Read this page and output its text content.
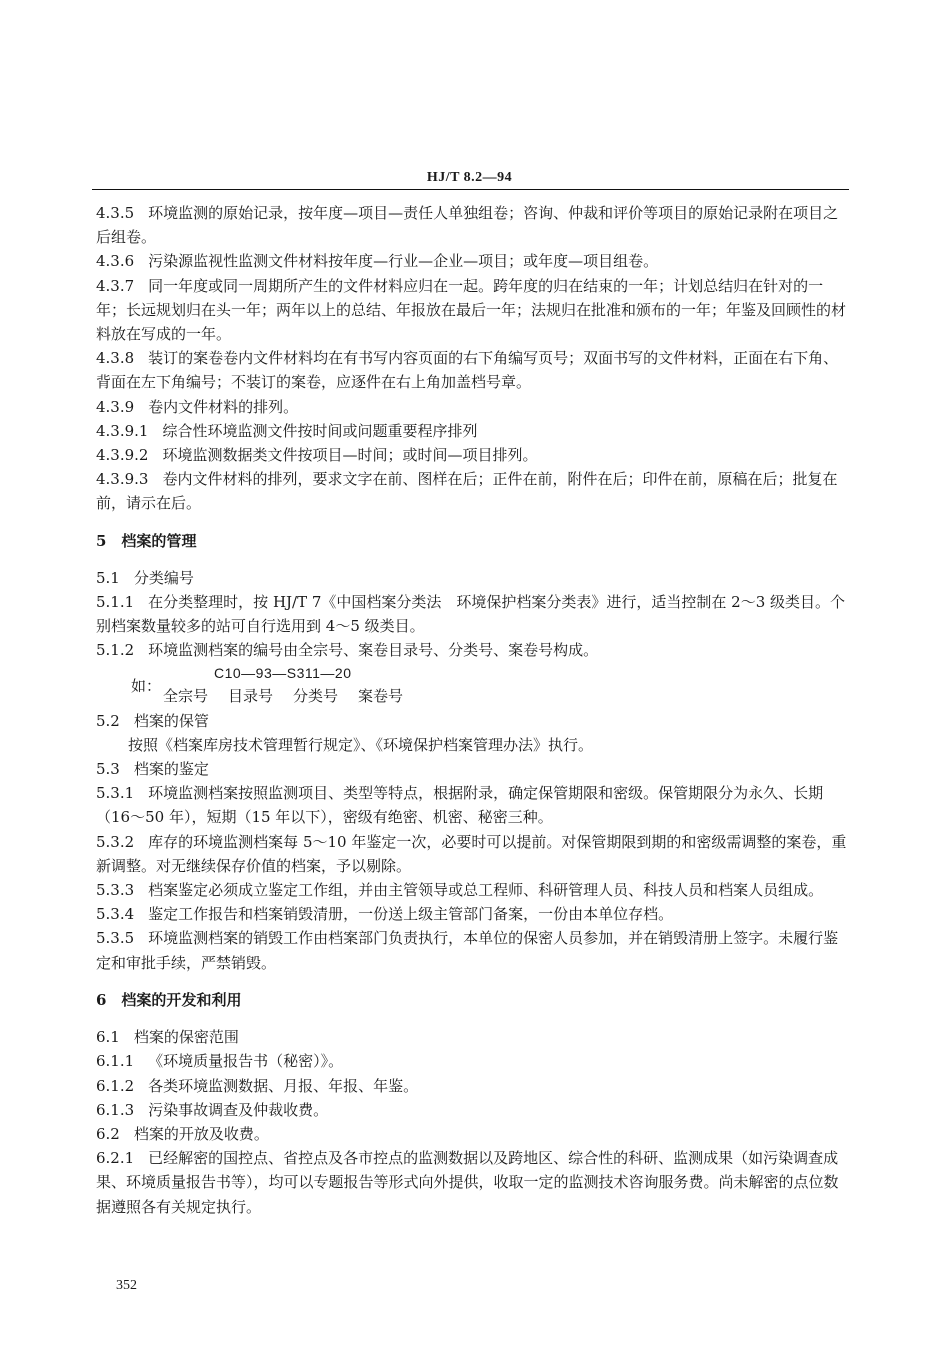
HJ/T 8.2—94

4.3.5 环境监测的原始记录，按年度—项目—责任人单独组卷；咨询、仲裁和评价等项目的原始记录附在项目之后组卷。

4.3.6 污染源监视性监测文件材料按年度—行业—企业—项目；或年度—项目组卷。

4.3.7 同一年度或同一周期所产生的文件材料应归在一起。跨年度的归在结束的一年；计划总结归在针对的一年；长远规划归在头一年；两年以上的总结、年报放在最后一年；法规归在批准和颁布的一年；年鉴及回顾性的材料放在写成的一年。

4.3.8 装订的案卷卷内文件材料均在有书写内容页面的右下角编写页号；双面书写的文件材料，正面在右下角、背面在左下角编号；不装订的案卷，应逐件在右上角加盖档号章。

4.3.9 卷内文件材料的排列。

4.3.9.1 综合性环境监测文件按时间或问题重要程序排列

4.3.9.2 环境监测数据类文件按项目—时间；或时间—项目排列。

4.3.9.3 卷内文件材料的排列，要求文字在前、图样在后；正件在前，附件在后；印件在前，原稿在后；批复在前，请示在后。

5　档案的管理

5.1 分类编号

5.1.1 在分类整理时，按 HJ/T 7《中国档案分类法　环境保护档案分类表》进行，适当控制在 2～3 级类目。个别档案数量较多的站可自行选用到 4～5 级类目。

5.1.2 环境监测档案的编号由全宗号、案卷目录号、分类号、案卷号构成。

如：
C10—93—S311—20
全宗号 目录号 分类号 案卷号

5.2 档案的保管

按照《档案库房技术管理暂行规定》、《环境保护档案管理办法》执行。

5.3 档案的鉴定

5.3.1 环境监测档案按照监测项目、类型等特点，根据附录，确定保管期限和密级。保管期限分为永久、长期（16～50 年），短期（15 年以下），密级有绝密、机密、秘密三种。

5.3.2 库存的环境监测档案每 5～10 年鉴定一次，必要时可以提前。对保管期限到期的和密级需调整的案卷，重新调整。对无继续保存价值的档案，予以剔除。

5.3.3 档案鉴定必须成立鉴定工作组，并由主管领导或总工程师、科研管理人员、科技人员和档案人员组成。

5.3.4 鉴定工作报告和档案销毁清册，一份送上级主管部门备案，一份由本单位存档。

5.3.5 环境监测档案的销毁工作由档案部门负责执行，本单位的保密人员参加，并在销毁清册上签字。未履行鉴定和审批手续，严禁销毁。

6　档案的开发和利用

6.1 档案的保密范围

6.1.1 《环境质量报告书（秘密）》。

6.1.2 各类环境监测数据、月报、年报、年鉴。

6.1.3 污染事故调查及仲裁收费。

6.2 档案的开放及收费。

6.2.1 已经解密的国控点、省控点及各市控点的监测数据以及跨地区、综合性的科研、监测成果（如污染调查成果、环境质量报告书等），均可以专题报告等形式向外提供，收取一定的监测技术咨询服务费。尚未解密的点位数据遵照各有关规定执行。

352
